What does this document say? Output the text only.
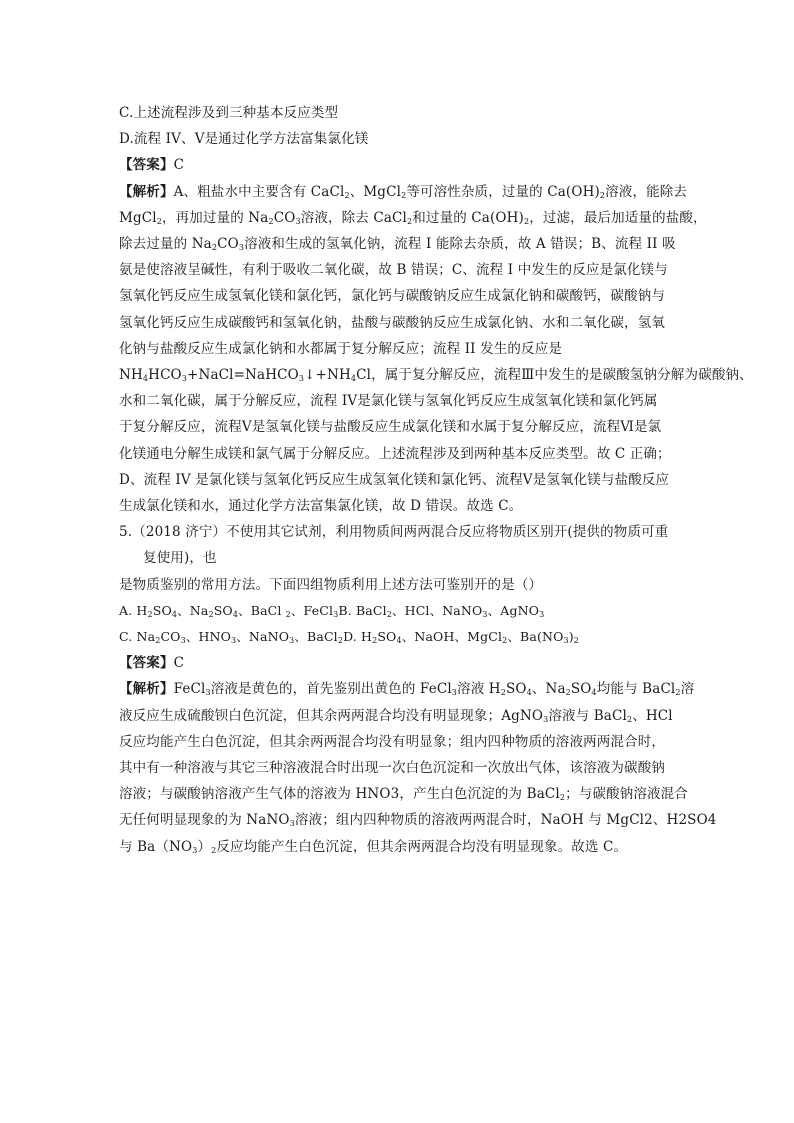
C.上述流程涉及到三种基本反应类型
D.流程 IV、V是通过化学方法富集氯化镁
【答案】C
【解析】A、粗盐水中主要含有 CaCl$_2$、MgCl$_2$等可溶性杂质，过量的 $Ca(OH)_2$溶液，能除去
MgCl$_2$，再加过量的 $Na_2CO_3$溶液，除去 CaCl$_2$和过量的 $Ca(OH)_2$，过滤，最后加适量的盐酸，
除去过量的 $Na_2CO_3$溶液和生成的氢氧化钠，流程 I 能除去杂质，故 A 错误；B、流程 II 吸
氨是使溶液呈碱性，有利于吸收二氧化碳，故 B 错误；C、流程 I 中发生的反应是氯化镁与
氢氧化钙反应生成氢氧化镁和氯化钙，氯化钙与碳酸钠反应生成氯化钠和碳酸钙，碳酸钠与
氢氧化钙反应生成碳酸钙和氢氧化钠，盐酸与碳酸钠反应生成氯化钠、水和二氧化碳，氢氧
化钠与盐酸反应生成氯化钠和水都属于复分解反应；流程 II 发生的反应是
$NH_4HCO_3+NaCl=NaHCO_3↓+NH_4Cl$，属于复分解反应，流程Ⅲ中发生的是碳酸氢钠分解为碳酸钠、
水和二氧化碳，属于分解反应，流程 IV是氯化镁与氢氧化钙反应生成氢氧化镁和氯化钙属
于复分解反应，流程Ⅴ是氢氧化镁与盐酸反应生成氯化镁和水属于复分解反应，流程Ⅵ是氯
化镁通电分解生成镁和氯气属于分解反应。上述流程涉及到两种基本反应类型。故 C 正确；
D、流程 IV 是氯化镁与氢氧化钙反应生成氢氧化镁和氯化钙、流程Ⅴ是氢氧化镁与盐酸反应
生成氯化镁和水，通过化学方法富集氯化镁，故 D 错误。故选 C。
5.（2018 济宁）不使用其它试剂，利用物质间两两混合反应将物质区别开(提供的物质可重
复使用)，也
是物质鉴别的常用方法。下面四组物质利用上述方法可鉴别开的是（）
A. $H_2SO_4$、$Na_2SO_4$、BaCl $_2$、FeCl$_3$B. BaCl$_2$、HCl、NaNO$_3$、AgNO$_3$
C. $Na_2CO_3$、$HNO_3$、NaNO$_3$、BaCl$_2$D. $H_2SO_4$、NaOH、MgCl$_2$、$Ba(NO_3)_2$
【答案】C
【解析】FeCl$_3$溶液是黄色的，首先鉴别出黄色的 FeCl$_3$溶液 $H_2SO_4$、$Na_2SO_4$均能与 BaCl$_2$溶
液反应生成硫酸钡白色沉淀，但其余两两混合均没有明显现象；AgNO$_3$溶液与 BaCl$_2$、HCl
反应均能产生白色沉淀，但其余两两混合均没有明显象；组内四种物质的溶液两两混合时，
其中有一种溶液与其它三种溶液混合时出现一次白色沉淀和一次放出气体，该溶液为碳酸钠
溶液；与碳酸钠溶液产生气体的溶液为 HNO3，产生白色沉淀的为 BaCl$_2$；与碳酸钠溶液混合
无任何明显现象的为 NaNO$_3$溶液；组内四种物质的溶液两两混合时，NaOH 与 MgCl2、H2SO4
与 $Ba(NO_3)_2$反应均能产生白色沉淀，但其余两两混合均没有明显现象。故选 C。
